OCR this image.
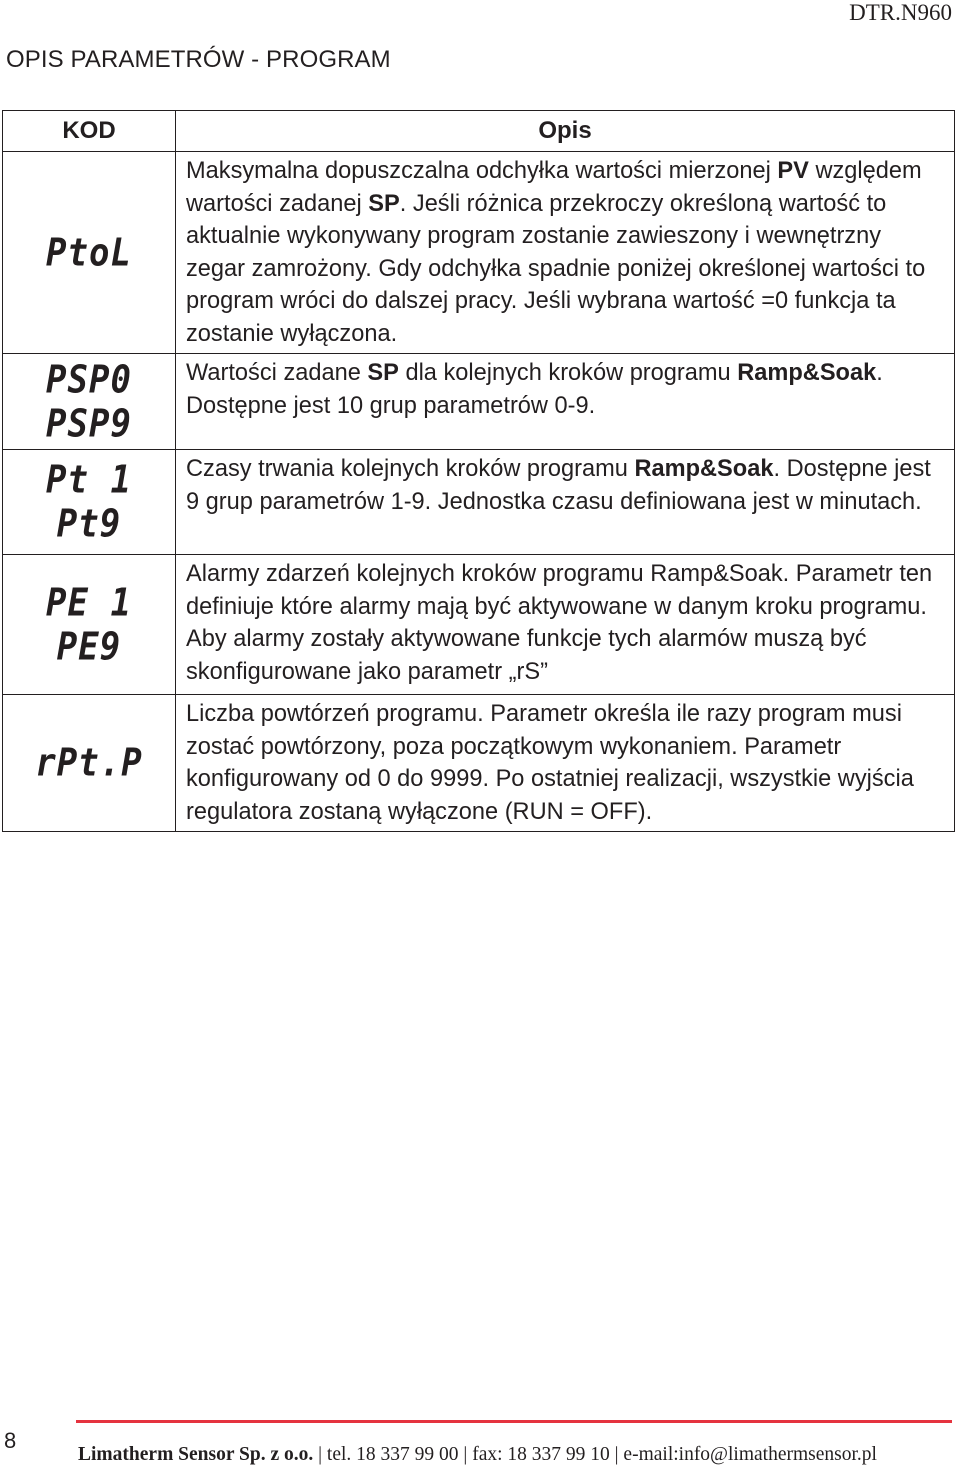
DTR.N960
OPIS PARAMETRÓW - PROGRAM
KOD	Opis

PtoL	Maksymalna dopuszczalna odchyłka wartości mierzonej PV względem wartości zadanej SP. Jeśli różnica przekroczy określoną wartość to aktualnie wykonywany program zostanie zawieszony i wewnętrzny zegar zamrożony. Gdy odchyłka spadnie poniżej określonej wartości to program wróci do dalszej pracy. Jeśli wybrana wartość =0 funkcja ta zostanie wyłączona.

PSP0
PSP9	Wartości zadane SP dla kolejnych kroków programu Ramp&Soak. Dostępne jest 10 grup parametrów 0-9.

Pt 1
Pt9	Czasy trwania kolejnych kroków programu Ramp&Soak. Dostępne jest 9 grup parametrów 1-9. Jednostka czasu definiowana jest w minutach.

PE 1
PE9	Alarmy zdarzeń kolejnych kroków programu Ramp&Soak. Parametr ten definiuje które alarmy mają być aktywowane w danym kroku programu. Aby alarmy zostały aktywowane funkcje tych alarmów muszą być skonfigurowane jako parametr „rS”

rPt.P	Liczba powtórzeń programu. Parametr określa ile razy program musi zostać powtórzony, poza początkowym wykonaniem. Parametr konfigurowany od 0 do 9999. Po ostatniej realizacji, wszystkie wyjścia regulatora zostaną wyłączone (RUN = OFF).
8
Limatherm Sensor Sp. z o.o. | tel. 18 337 99 00 | fax: 18 337 99 10 | e-mail:info@limathermsensor.pl
